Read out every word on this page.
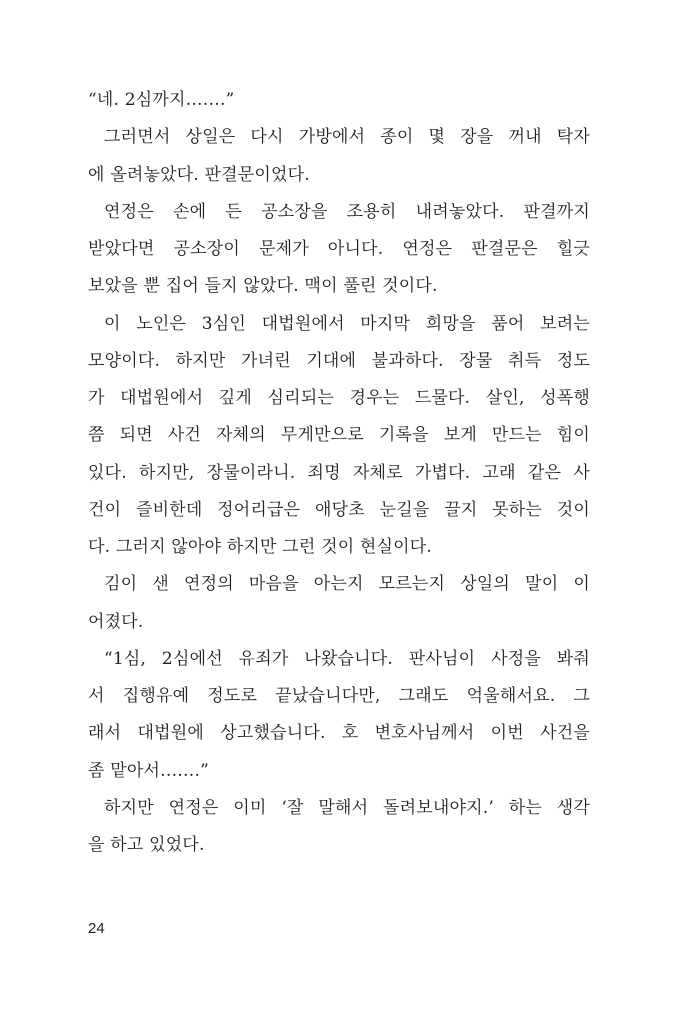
“네. 2심까지…….”
그러면서 상일은 다시 가방에서 종이 몇 장을 꺼내 탁자
에 올려놓았다. 판결문이었다.
연정은 손에 든 공소장을 조용히 내려놓았다. 판결까지
받았다면 공소장이 문제가 아니다. 연정은 판결문은 힐긋
보았을 뿐 집어 들지 않았다. 맥이 풀린 것이다.
이 노인은 3심인 대법원에서 마지막 희망을 품어 보려는
모양이다. 하지만 가녀린 기대에 불과하다. 장물 취득 정도
가 대법원에서 깊게 심리되는 경우는 드물다. 살인, 성폭행
쯤 되면 사건 자체의 무게만으로 기록을 보게 만드는 힘이
있다. 하지만, 장물이라니. 죄명 자체로 가볍다. 고래 같은 사
건이 즐비한데 정어리급은 애당초 눈길을 끌지 못하는 것이
다. 그러지 않아야 하지만 그런 것이 현실이다.
김이 샌 연정의 마음을 아는지 모르는지 상일의 말이 이
어졌다.
“1심, 2심에선 유죄가 나왔습니다. 판사님이 사정을 봐줘
서 집행유예 정도로 끝났습니다만, 그래도 억울해서요. 그
래서 대법원에 상고했습니다. 호 변호사님께서 이번 사건을
좀 맡아서…….”
하지만 연정은 이미 ‘잘 말해서 돌려보내야지.’ 하는 생각
을 하고 있었다.
24
